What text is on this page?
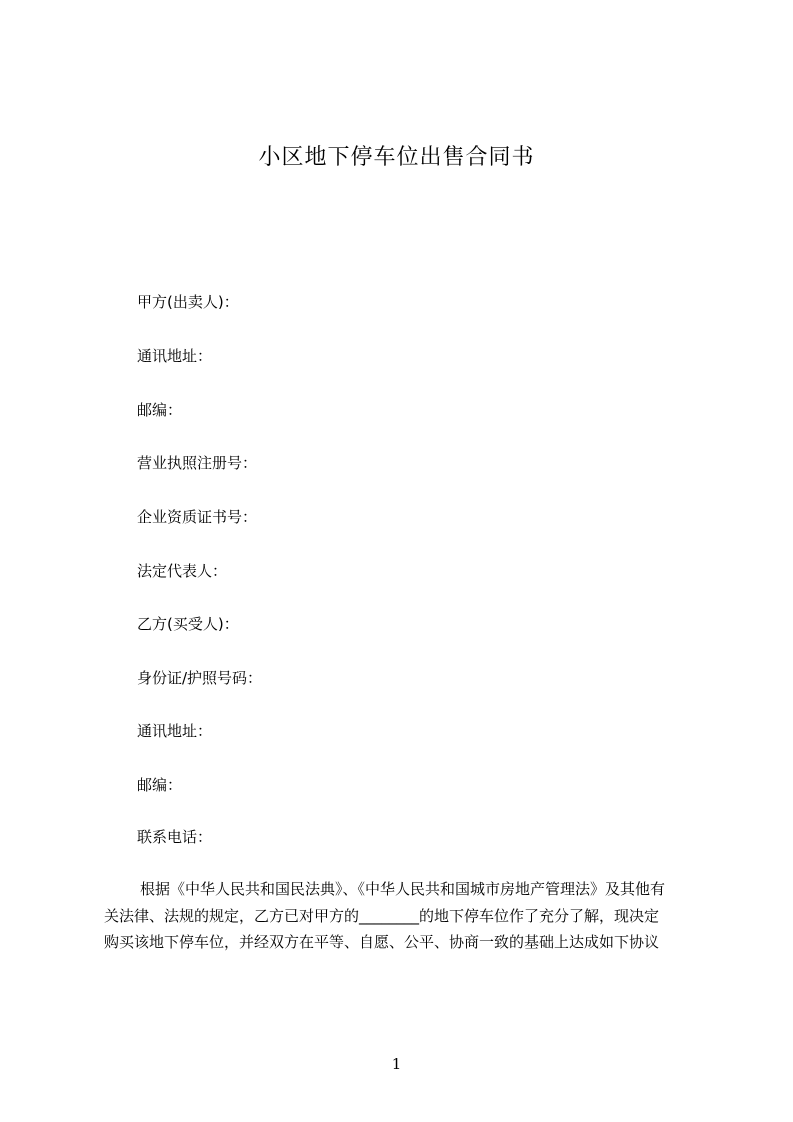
小区地下停车位出售合同书
甲方(出卖人)：
通讯地址：
邮编：
营业执照注册号：
企业资质证书号：
法定代表人：
乙方(买受人)：
身份证/护照号码：
通讯地址：
邮编：
联系电话：
根据《中华人民共和国民法典》、《中华人民共和国城市房地产管理法》及其他有
关法律、法规的规定，乙方已对甲方的________的地下停车位作了充分了解，现决定
购买该地下停车位，并经双方在平等、自愿、公平、协商一致的基础上达成如下协议
1
